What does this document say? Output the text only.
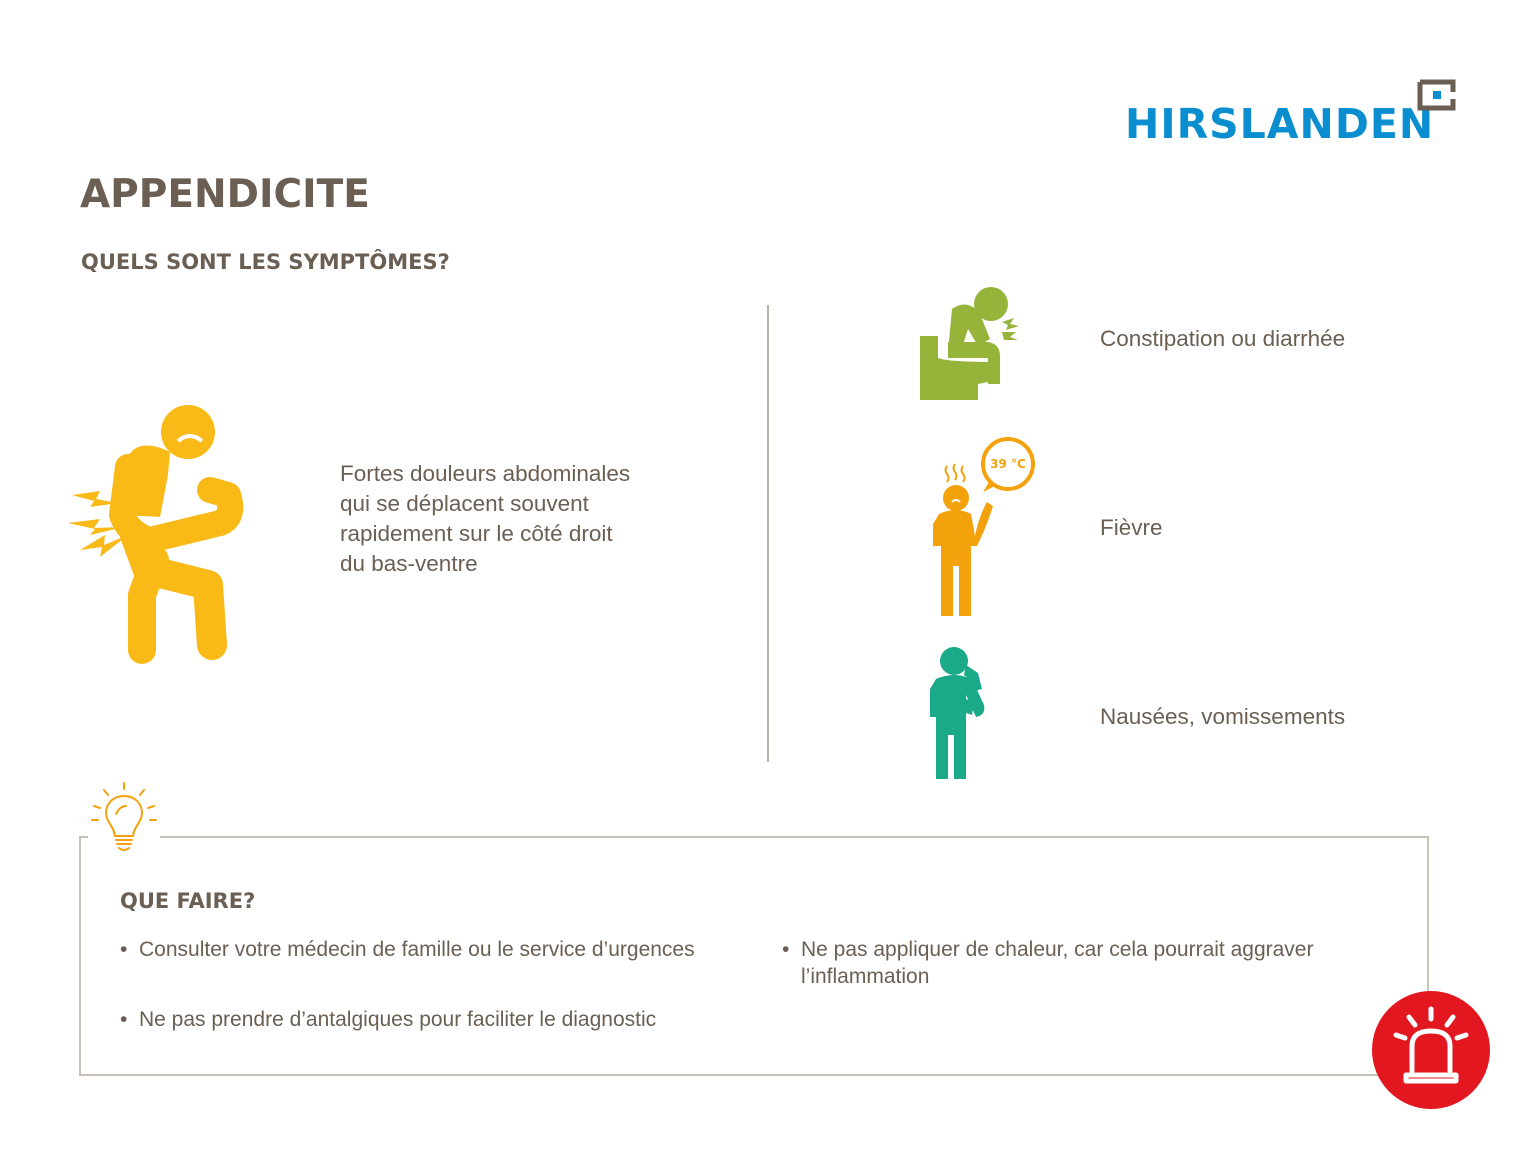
HIRSLANDEN
APPENDICITE
QUELS SONT LES SYMPTÔMES?
Fortes douleurs abdominales qui se déplacent souvent rapidement sur le côté droit du bas-ventre
Constipation ou diarrhée
39 °C
Fièvre
Nausées, vomissements
QUE FAIRE?
• Consulter votre médecin de famille ou le service d’urgences
• Ne pas prendre d’antalgiques pour faciliter le diagnostic
• Ne pas appliquer de chaleur, car cela pourrait aggraver l’inflammation
